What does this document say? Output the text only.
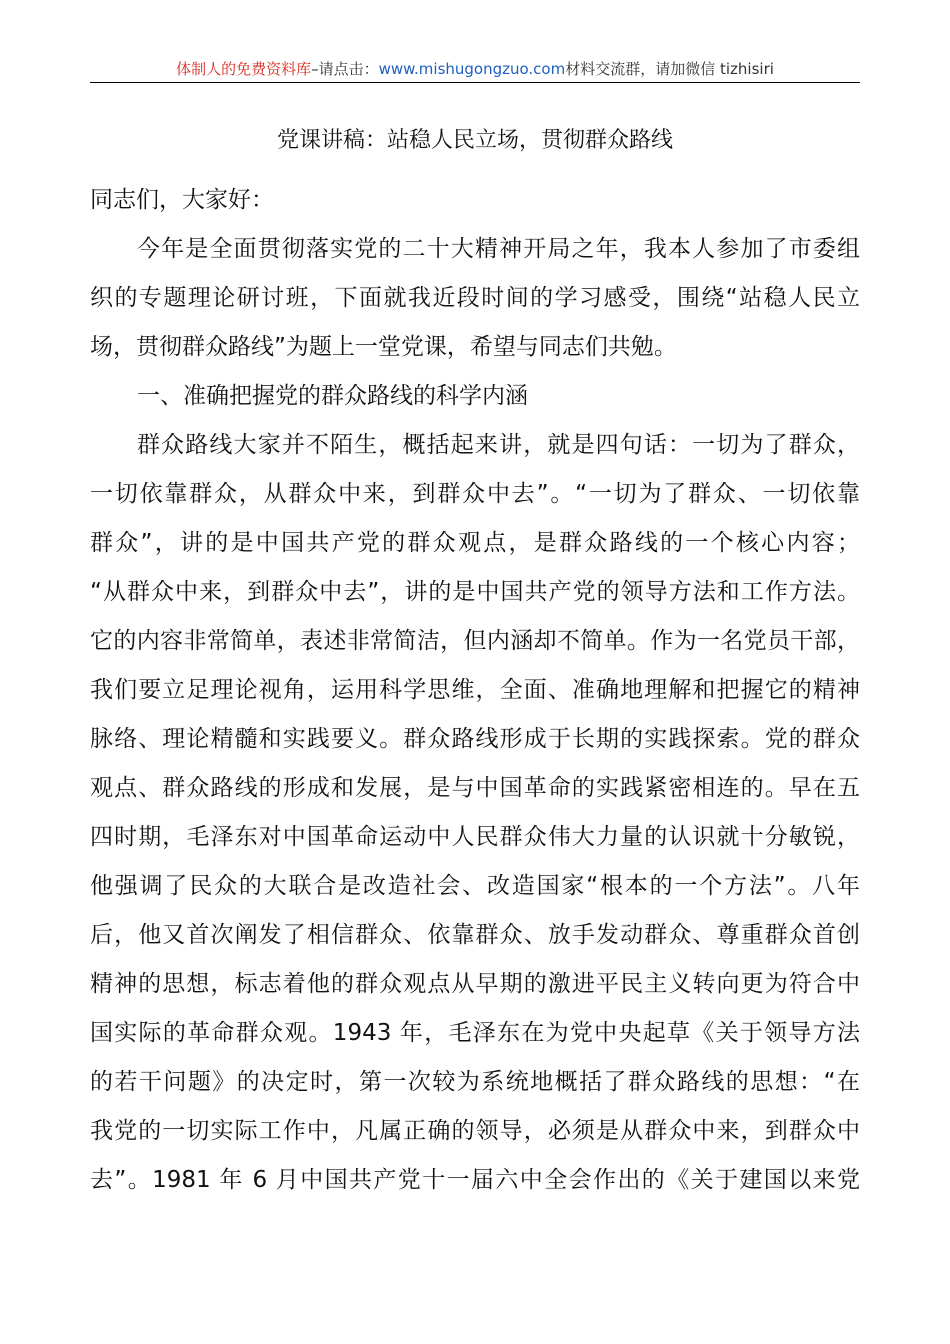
体制人的免费资料库–请点击：www.mishugongzuo.com材料交流群，请加微信 tizhisiri
党课讲稿：站稳人民立场，贯彻群众路线
同志们，大家好：
今年是全面贯彻落实党的二十大精神开局之年，我本人参加了市委组
织的专题理论研讨班，下面就我近段时间的学习感受，围绕“站稳人民立
场，贯彻群众路线”为题上一堂党课，希望与同志们共勉。
一、准确把握党的群众路线的科学内涵
群众路线大家并不陌生，概括起来讲，就是四句话：一切为了群众，
一切依靠群众，从群众中来，到群众中去”。“一切为了群众、一切依靠
群众”，讲的是中国共产党的群众观点，是群众路线的一个核心内容；
“从群众中来，到群众中去”，讲的是中国共产党的领导方法和工作方法。
它的内容非常简单，表述非常简洁，但内涵却不简单。作为一名党员干部，
我们要立足理论视角，运用科学思维，全面、准确地理解和把握它的精神
脉络、理论精髓和实践要义。群众路线形成于长期的实践探索。党的群众
观点、群众路线的形成和发展，是与中国革命的实践紧密相连的。早在五
四时期，毛泽东对中国革命运动中人民群众伟大力量的认识就十分敏锐，
他强调了民众的大联合是改造社会、改造国家“根本的一个方法”。八年
后，他又首次阐发了相信群众、依靠群众、放手发动群众、尊重群众首创
精神的思想，标志着他的群众观点从早期的激进平民主义转向更为符合中
国实际的革命群众观。1943 年，毛泽东在为党中央起草《关于领导方法
的若干问题》的决定时，第一次较为系统地概括了群众路线的思想：“在
我党的一切实际工作中，凡属正确的领导，必须是从群众中来，到群众中
去”。1981 年 6 月中国共产党十一届六中全会作出的《关于建国以来党
